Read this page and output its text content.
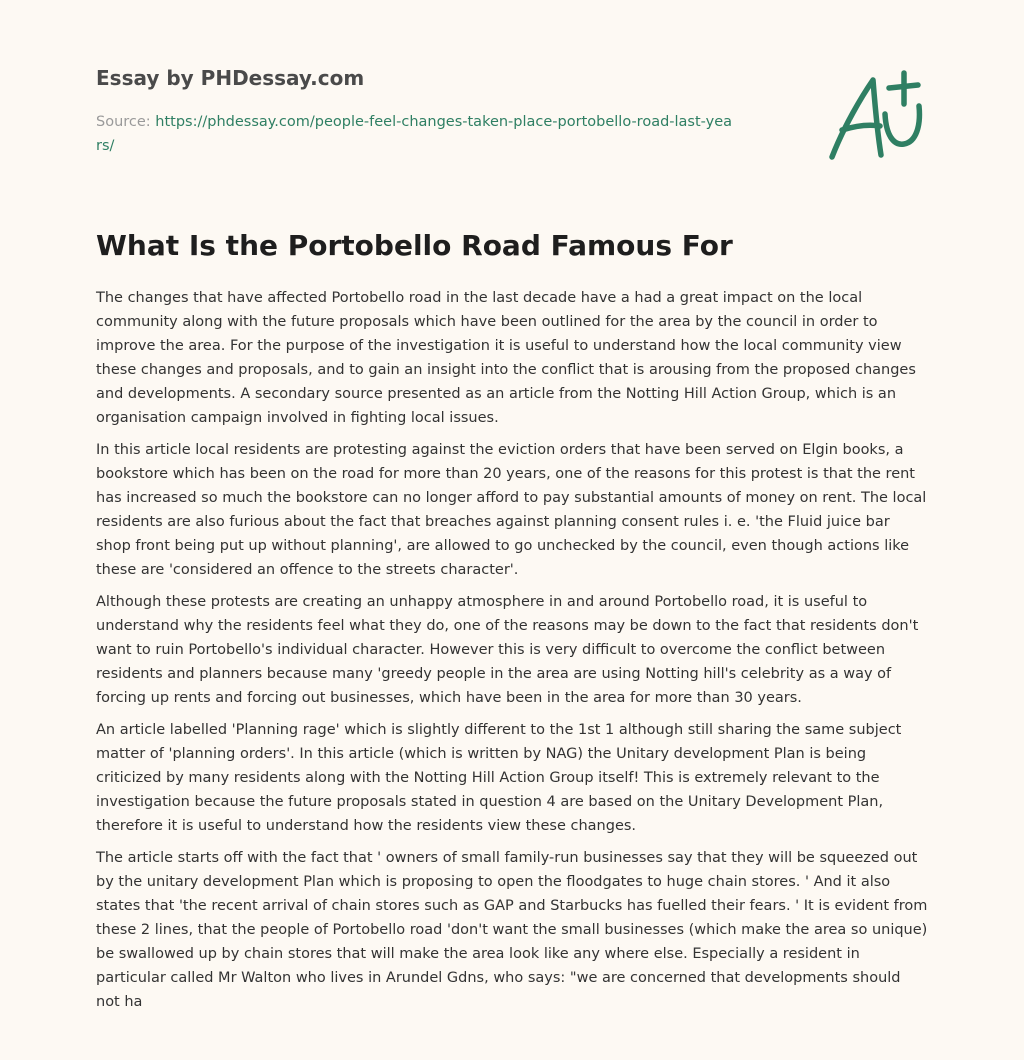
Essay by PHDessay.com

Source: https://phdessay.com/people-feel-changes-taken-place-portobello-road-last-years/

What Is the Portobello Road Famous For

The changes that have affected Portobello road in the last decade have a had a great impact on the local community along with the future proposals which have been outlined for the area by the council in order to improve the area. For the purpose of the investigation it is useful to understand how the local community view these changes and proposals, and to gain an insight into the conflict that is arousing from the proposed changes and developments. A secondary source presented as an article from the Notting Hill Action Group, which is an organisation campaign involved in fighting local issues.

In this article local residents are protesting against the eviction orders that have been served on Elgin books, a bookstore which has been on the road for more than 20 years, one of the reasons for this protest is that the rent has increased so much the bookstore can no longer afford to pay substantial amounts of money on rent. The local residents are also furious about the fact that breaches against planning consent rules i. e. 'the Fluid juice bar shop front being put up without planning', are allowed to go unchecked by the council, even though actions like these are 'considered an offence to the streets character'.

Although these protests are creating an unhappy atmosphere in and around Portobello road, it is useful to understand why the residents feel what they do, one of the reasons may be down to the fact that residents don't want to ruin Portobello's individual character. However this is very difficult to overcome the conflict between residents and planners because many 'greedy people in the area are using Notting hill's celebrity as a way of forcing up rents and forcing out businesses, which have been in the area for more than 30 years.

An article labelled 'Planning rage' which is slightly different to the 1st 1 although still sharing the same subject matter of 'planning orders'. In this article (which is written by NAG) the Unitary development Plan is being criticized by many residents along with the Notting Hill Action Group itself! This is extremely relevant to the investigation because the future proposals stated in question 4 are based on the Unitary Development Plan, therefore it is useful to understand how the residents view these changes.

The article starts off with the fact that ' owners of small family-run businesses say that they will be squeezed out by the unitary development Plan which is proposing to open the floodgates to huge chain stores. ' And it also states that 'the recent arrival of chain stores such as GAP and Starbucks has fuelled their fears. ' It is evident from these 2 lines, that the people of Portobello road 'don't want the small businesses (which make the area so unique) be swallowed up by chain stores that will make the area look like any where else. Especially a resident in particular called Mr Walton who lives in Arundel Gdns, who says: "we are concerned that developments should not ha
